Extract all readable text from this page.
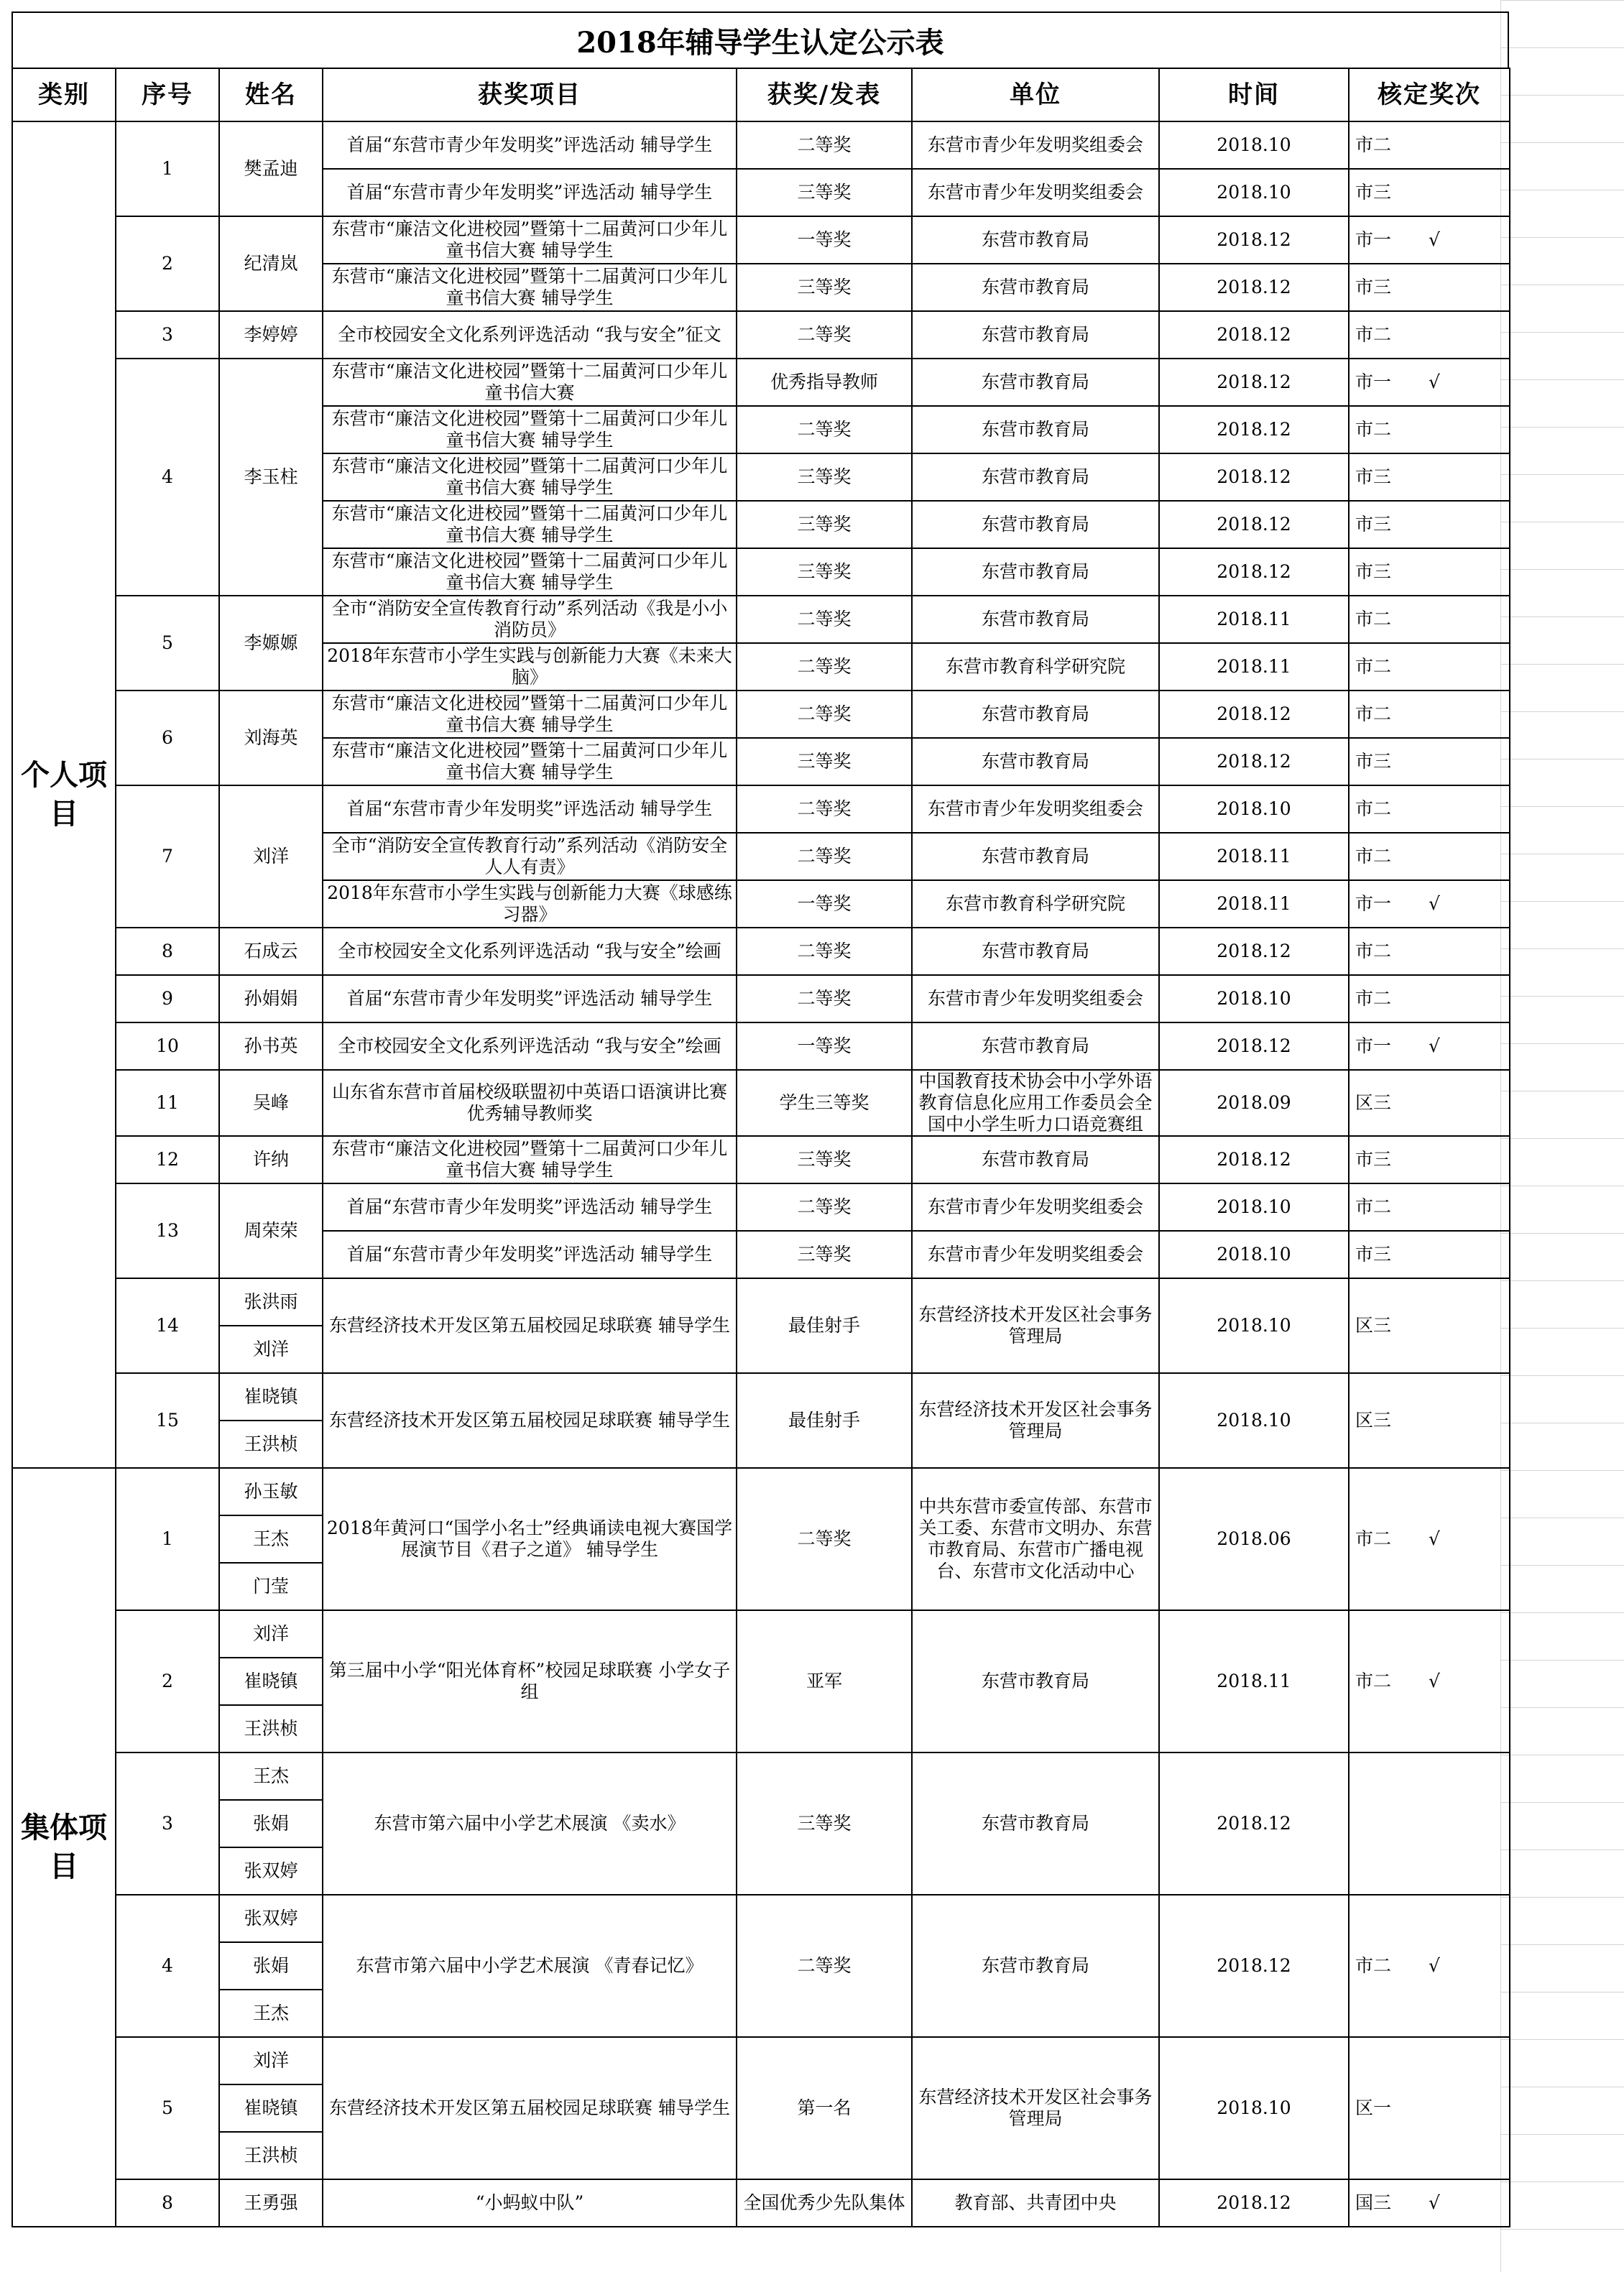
2018年辅导学生认定公示表
类别	序号	姓名	获奖项目	获奖/发表	单位	时间	核定奖次
个人项目	1	樊孟迪	首届“东营市青少年发明奖”评选活动 辅导学生	二等奖	东营市青少年发明奖组委会	2018.10	市二
			首届“东营市青少年发明奖”评选活动 辅导学生	三等奖	东营市青少年发明奖组委会	2018.10	市三
	2	纪清岚	东营市“廉洁文化进校园”暨第十二届黄河口少年儿童书信大赛 辅导学生	一等奖	东营市教育局	2018.12	市一 √
			东营市“廉洁文化进校园”暨第十二届黄河口少年儿童书信大赛 辅导学生	三等奖	东营市教育局	2018.12	市三
	3	李婷婷	全市校园安全文化系列评选活动 “我与安全”征文	二等奖	东营市教育局	2018.12	市二
	4	李玉柱	东营市“廉洁文化进校园”暨第十二届黄河口少年儿童书信大赛	优秀指导教师	东营市教育局	2018.12	市一 √
			东营市“廉洁文化进校园”暨第十二届黄河口少年儿童书信大赛 辅导学生	二等奖	东营市教育局	2018.12	市二
			东营市“廉洁文化进校园”暨第十二届黄河口少年儿童书信大赛 辅导学生	三等奖	东营市教育局	2018.12	市三
			东营市“廉洁文化进校园”暨第十二届黄河口少年儿童书信大赛 辅导学生	三等奖	东营市教育局	2018.12	市三
			东营市“廉洁文化进校园”暨第十二届黄河口少年儿童书信大赛 辅导学生	三等奖	东营市教育局	2018.12	市三
	5	李嫄嫄	全市“消防安全宣传教育行动”系列活动《我是小小消防员》	二等奖	东营市教育局	2018.11	市二
			2018年东营市小学生实践与创新能力大赛《未来大脑》	二等奖	东营市教育科学研究院	2018.11	市二
	6	刘海英	东营市“廉洁文化进校园”暨第十二届黄河口少年儿童书信大赛 辅导学生	二等奖	东营市教育局	2018.12	市二
			东营市“廉洁文化进校园”暨第十二届黄河口少年儿童书信大赛 辅导学生	三等奖	东营市教育局	2018.12	市三
	7	刘洋	首届“东营市青少年发明奖”评选活动 辅导学生	二等奖	东营市青少年发明奖组委会	2018.10	市二
			全市“消防安全宣传教育行动”系列活动《消防安全人人有责》	二等奖	东营市教育局	2018.11	市二
			2018年东营市小学生实践与创新能力大赛《球感练习器》	一等奖	东营市教育科学研究院	2018.11	市一 √
	8	石成云	全市校园安全文化系列评选活动 “我与安全”绘画	二等奖	东营市教育局	2018.12	市二
	9	孙娟娟	首届“东营市青少年发明奖”评选活动 辅导学生	二等奖	东营市青少年发明奖组委会	2018.10	市二
	10	孙书英	全市校园安全文化系列评选活动 “我与安全”绘画	一等奖	东营市教育局	2018.12	市一 √
	11	吴峰	山东省东营市首届校级联盟初中英语口语演讲比赛 优秀辅导教师奖	学生三等奖	中国教育技术协会中小学外语教育信息化应用工作委员会全国中小学生听力口语竞赛组	2018.09	区三
	12	许纳	东营市“廉洁文化进校园”暨第十二届黄河口少年儿童书信大赛 辅导学生	三等奖	东营市教育局	2018.12	市三
	13	周荣荣	首届“东营市青少年发明奖”评选活动 辅导学生	二等奖	东营市青少年发明奖组委会	2018.10	市二
			首届“东营市青少年发明奖”评选活动 辅导学生	三等奖	东营市青少年发明奖组委会	2018.10	市三
	14	张洪雨	东营经济技术开发区第五届校园足球联赛 辅导学生	最佳射手	东营经济技术开发区社会事务管理局	2018.10	区三
		刘洋					
	15	崔晓镇	东营经济技术开发区第五届校园足球联赛 辅导学生	最佳射手	东营经济技术开发区社会事务管理局	2018.10	区三
		王洪桢					
集体项目	1	孙玉敏	2018年黄河口“国学小名士”经典诵读电视大赛国学展演节目《君子之道》 辅导学生	二等奖	中共东营市委宣传部、东营市关工委、东营市文明办、东营市教育局、东营市广播电视台、东营市文化活动中心	2018.06	市二 √
		王杰					
		门莹					
	2	刘洋	第三届中小学“阳光体育杯”校园足球联赛 小学女子组	亚军	东营市教育局	2018.11	市二 √
		崔晓镇					
		王洪桢					
	3	王杰	东营市第六届中小学艺术展演 《卖水》	三等奖	东营市教育局	2018.12	
		张娟					
		张双婷					
	4	张双婷	东营市第六届中小学艺术展演 《青春记忆》	二等奖	东营市教育局	2018.12	市二 √
		张娟					
		王杰					
	5	刘洋	东营经济技术开发区第五届校园足球联赛 辅导学生	第一名	东营经济技术开发区社会事务管理局	2018.10	区一
		崔晓镇					
		王洪桢					
	8	王勇强	“小蚂蚁中队”	全国优秀少先队集体	教育部、共青团中央	2018.12	国三 √
